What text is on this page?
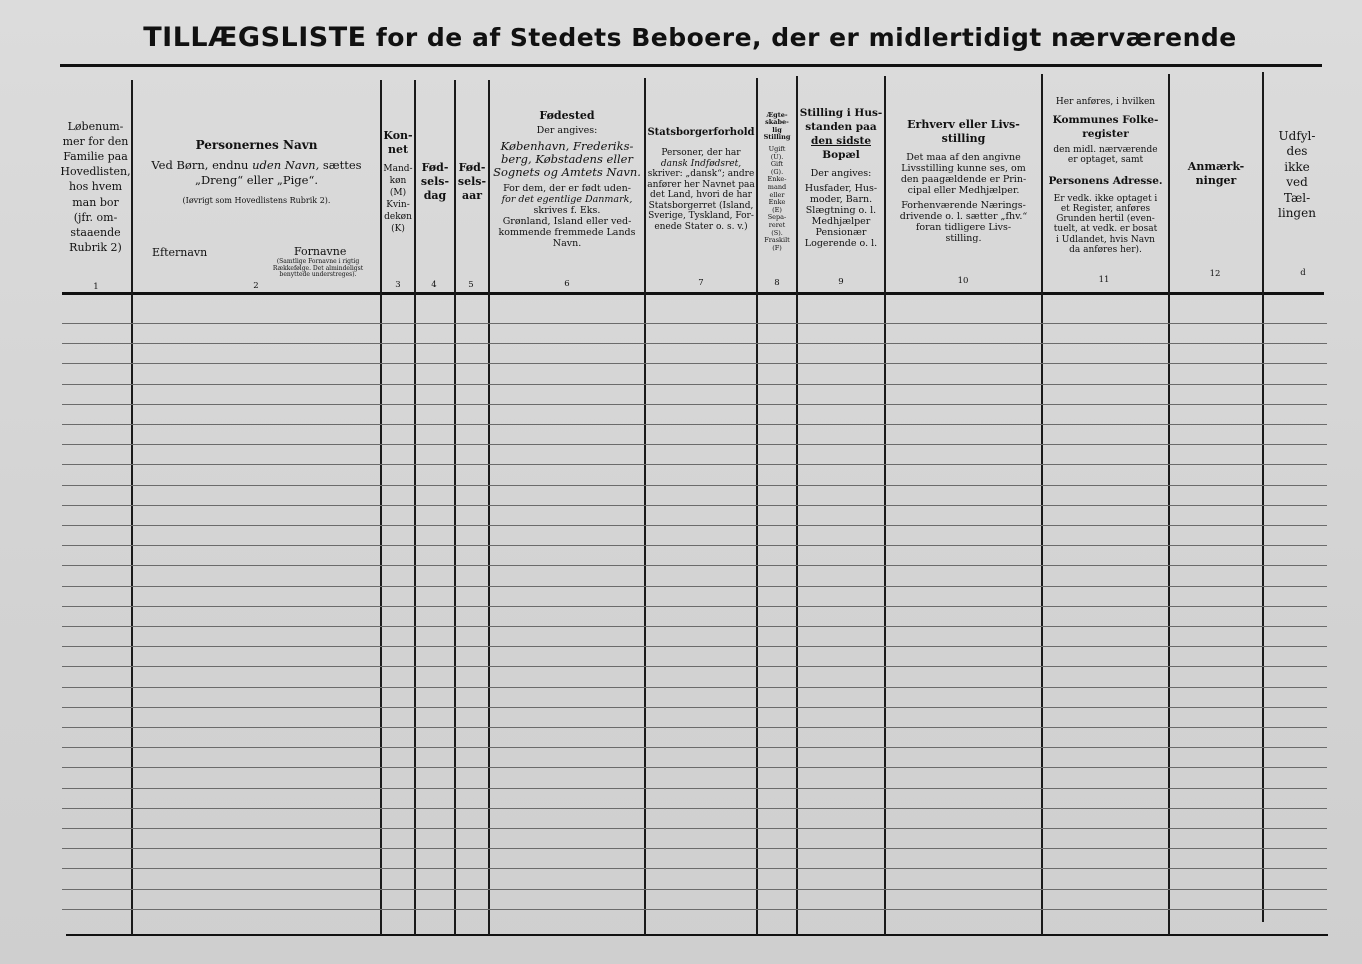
TILLÆGSLISTE for de af Stedets Beboere, der er midlertidigt nærværende
Løbenum-
mer for den
Familie paa
Hovedlisten,
hos hvem
man bor
(jfr. om-
staaende
Rubrik 2)
1
Personernes Navn
Ved Børn, endnu uden Navn, sættes
„Dreng“ eller „Pige“.
(Iøvrigt som Hovedlistens Rubrik 2).
Efternavn	Fornavne
(Samtlige Fornavne i rigtig
Rækkefølge. Det almindeligst
benyttede understreges).
2
Kon-
net
Mand-
køn
(M)
Kvin-
dekøn
(K)
3
Fød-
sels-
dag
4
Fød-
sels-
aar
5
Fødested
Der angives:
København, Frederiks-
berg, Købstadens eller
Sognets og Amtets Navn.
For dem, der er født uden-
for det egentlige Danmark,
skrives f. Eks.
Grønland, Island eller ved-
kommende fremmede Lands
Navn.
6
Statsborgerforhold
Personer, der har
dansk Indfødsret,
skriver: „dansk“; andre
anfører her Navnet paa
det Land, hvori de har
Statsborgerret (Island,
Sverige, Tyskland, For-
enede Stater o. s. v.)
7
Ægte-
skabe-
lig
Stilling
Ugift
(U).
Gift
(G).
Enke-
mand
eller
Enke
(E)
Sepa-
reret
(S).
Fraskilt
(F)
8
Stilling i Hus-
standen paa
den sidste
Bopæl
Der angives:
Husfader, Hus-
moder, Barn.
Slægtning o. l.
Medhjælper
Pensionær
Logerende o. l.
9
Erhverv eller Livs-
stilling
Det maa af den angivne
Livsstilling kunne ses, om
den paagældende er Prin-
cipal eller Medhjælper.
Forhenværende Nærings-
drivende o. l. sætter „fhv.“
foran tidligere Livs-
stilling.
10
Her anføres, i hvilken
Kommunes Folke-
register
den midl. nærværende
er optaget, samt
Personens Adresse.
Er vedk. ikke optaget i
et Register, anføres
Grunden hertil (even-
tuelt, at vedk. er bosat
i Udlandet, hvis Navn
da anføres her).
11
Anmærk-
ninger
12
Udfyl-
des
ikke
ved
Tæl-
lingen
d
